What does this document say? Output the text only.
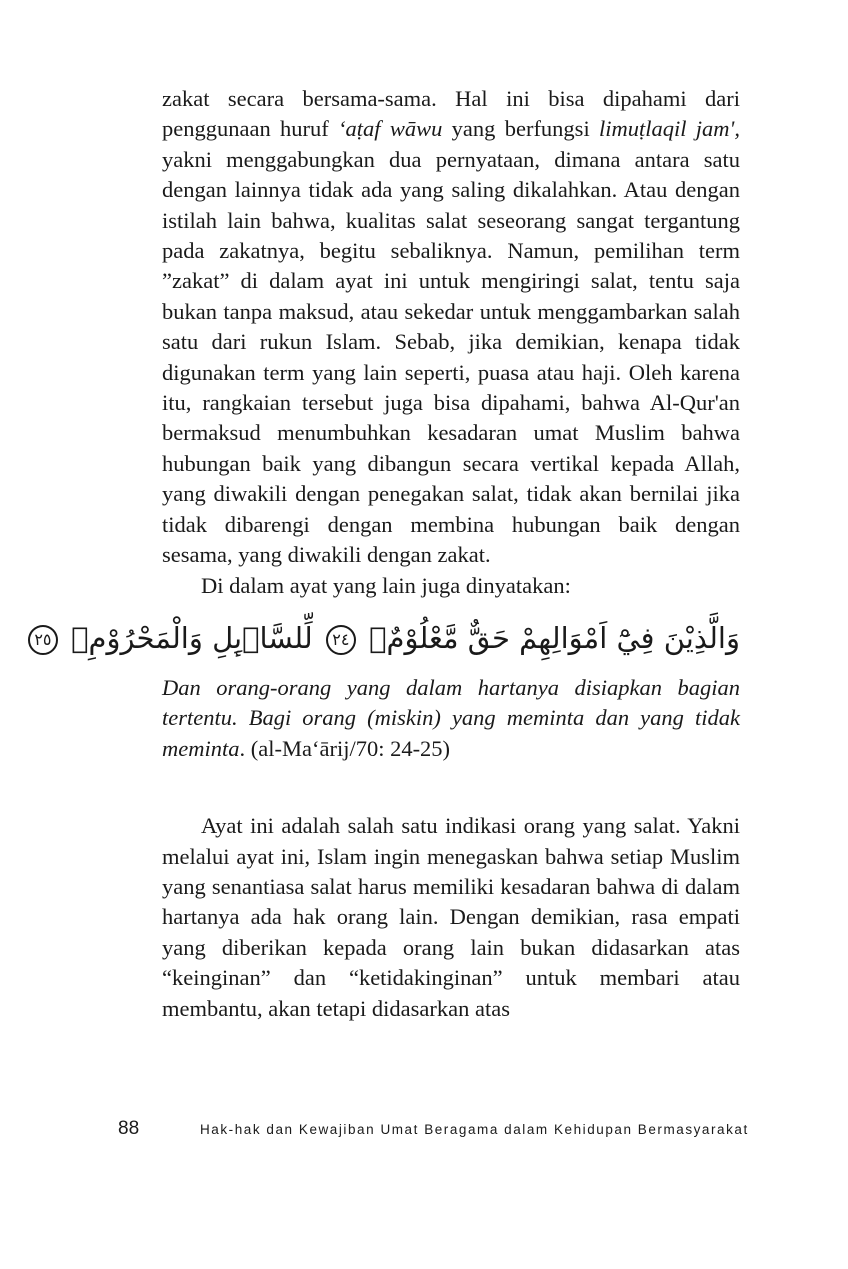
zakat secara bersama-sama. Hal ini bisa dipahami dari penggunaan huruf ‘aṭaf wāwu yang berfungsi limuṭlaqil jam', yakni menggabungkan dua pernyataan, dimana antara satu dengan lainnya tidak ada yang saling dikalahkan. Atau dengan istilah lain bahwa, kualitas salat seseorang sangat tergantung pada zakatnya, begitu sebaliknya. Namun, pemilihan term ”zakat” di dalam ayat ini untuk mengiringi salat, tentu saja bukan tanpa maksud, atau sekedar untuk menggambarkan salah satu dari rukun Islam. Sebab, jika demikian, kenapa tidak digunakan term yang lain seperti, puasa atau haji. Oleh karena itu, rangkaian tersebut juga bisa dipahami, bahwa Al-Qur'an bermaksud menumbuhkan kesadaran umat Muslim bahwa hubungan baik yang dibangun secara vertikal kepada Allah, yang diwakili dengan penegakan salat, tidak akan bernilai jika tidak dibarengi dengan membina hubungan baik dengan sesama, yang diwakili dengan zakat.

Di dalam ayat yang lain juga dinyatakan:

وَالَّذِيْنَ فِيْٓ اَمْوَالِهِمْ حَقٌّ مَّعْلُوْمٌۖ ٢٤ لِّلسَّاۤىِٕلِ وَالْمَحْرُوْمِۖ ٢٥

Dan orang-orang yang dalam hartanya disiapkan bagian tertentu. Bagi orang (miskin) yang meminta dan yang tidak meminta. (al-Ma‘ārij/70: 24-25)

Ayat ini adalah salah satu indikasi orang yang salat. Yakni melalui ayat ini, Islam ingin menegaskan bahwa setiap Muslim yang senantiasa salat harus memiliki kesadaran bahwa di dalam hartanya ada hak orang lain. Dengan demikian, rasa empati yang diberikan kepada orang lain bukan didasarkan atas “keinginan” dan “ketidakinginan” untuk membari atau membantu, akan tetapi didasarkan atas

88	Hak-hak dan Kewajiban Umat Beragama dalam Kehidupan Bermasyarakat
